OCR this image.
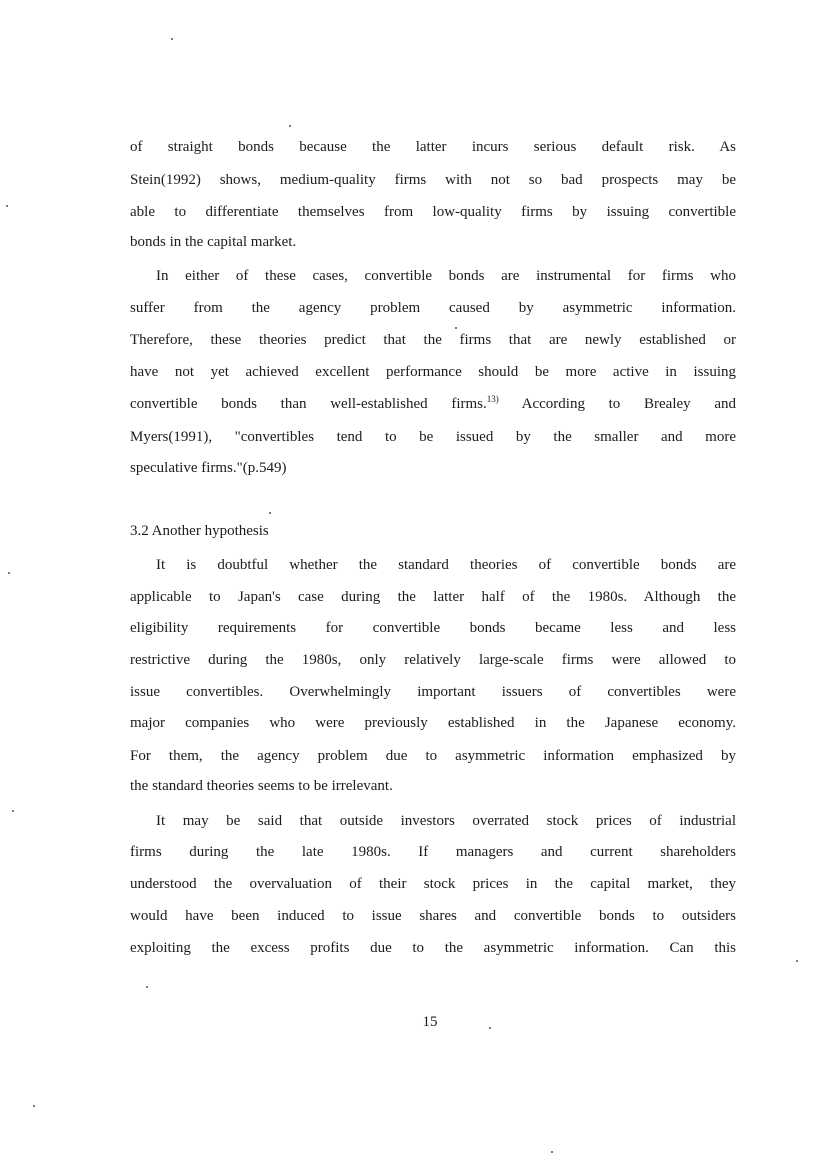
of straight bonds because the latter incurs serious default risk. As
Stein(1992) shows, medium-quality firms with not so bad prospects may be
able to differentiate themselves from low-quality firms by issuing convertible
bonds in the capital market.
In either of these cases, convertible bonds are instrumental for firms who
suffer from the agency problem caused by asymmetric information.
Therefore, these theories predict that the firms that are newly established or
have not yet achieved excellent performance should be more active in issuing
convertible bonds than well-established firms.$^{13)}$ According to Brealey and
Myers(1991), "convertibles tend to be issued by the smaller and more
speculative firms."(p.549)
3.2 Another hypothesis
It is doubtful whether the standard theories of convertible bonds are
applicable to Japan's case during the latter half of the 1980s. Although the
eligibility requirements for convertible bonds became less and less
restrictive during the 1980s, only relatively large-scale firms were allowed to
issue convertibles. Overwhelmingly important issuers of convertibles were
major companies who were previously established in the Japanese economy.
For them, the agency problem due to asymmetric information emphasized by
the standard theories seems to be irrelevant.
It may be said that outside investors overrated stock prices of industrial
firms during the late 1980s. If managers and current shareholders
understood the overvaluation of their stock prices in the capital market, they
would have been induced to issue shares and convertible bonds to outsiders
exploiting the excess profits due to the asymmetric information. Can this
15
